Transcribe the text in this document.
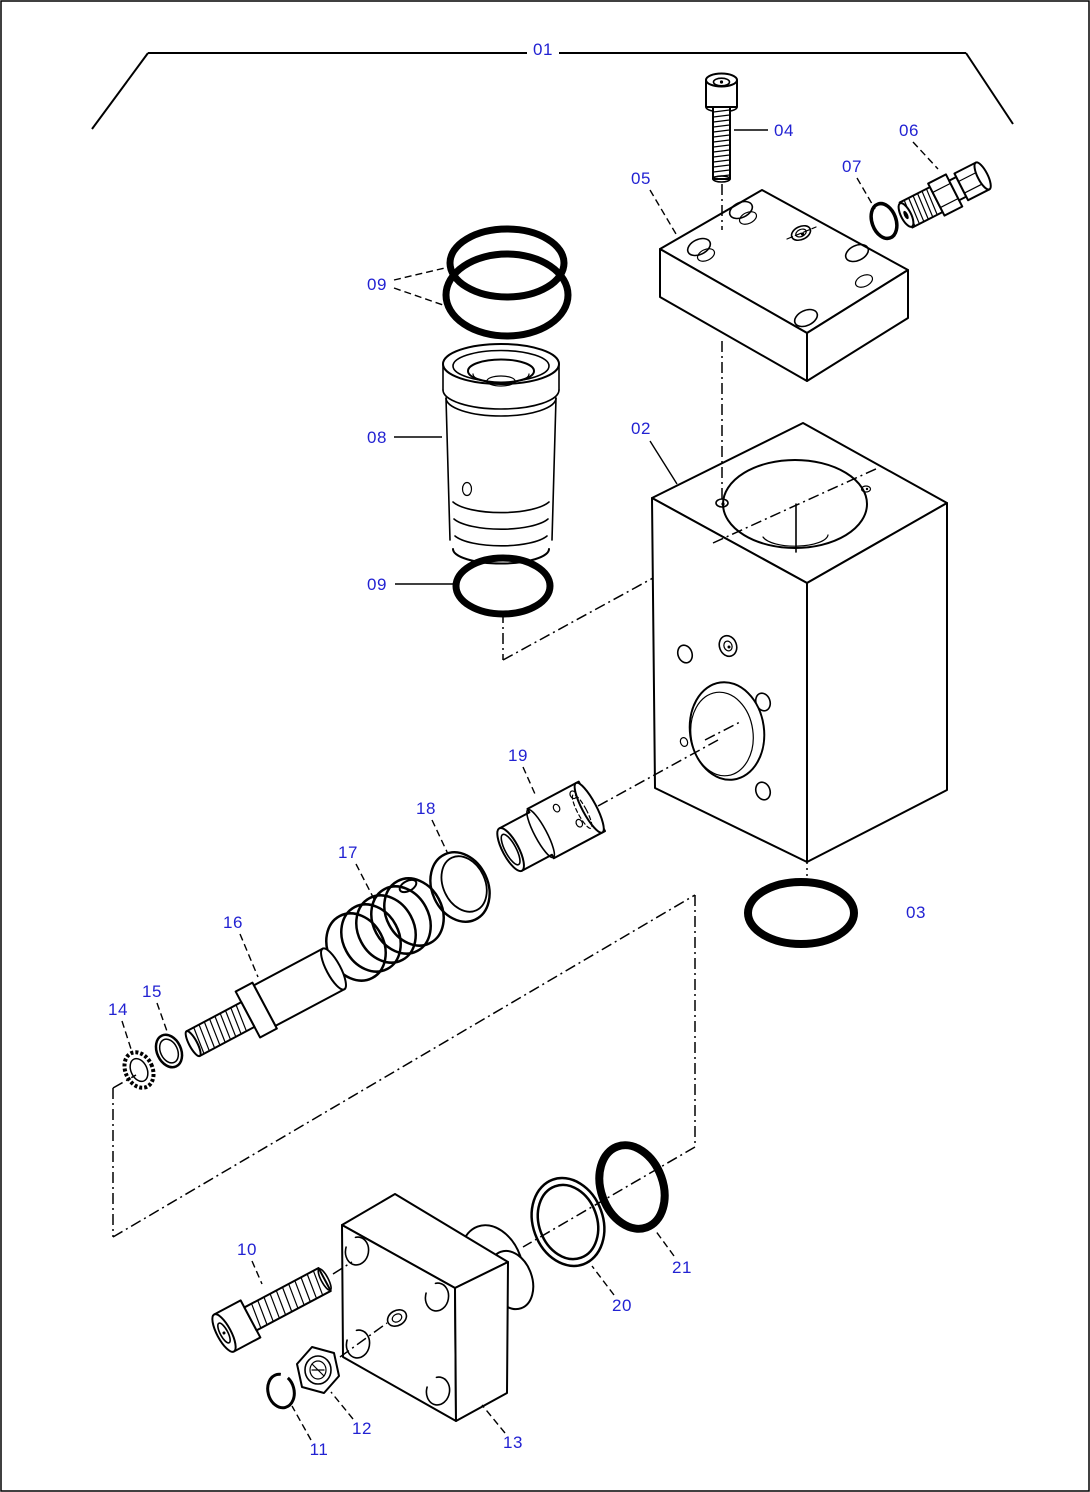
01
02
03
04
05
06
07
08
09
09
10
11
12
13
14
15
16
17
18
19
20
21
